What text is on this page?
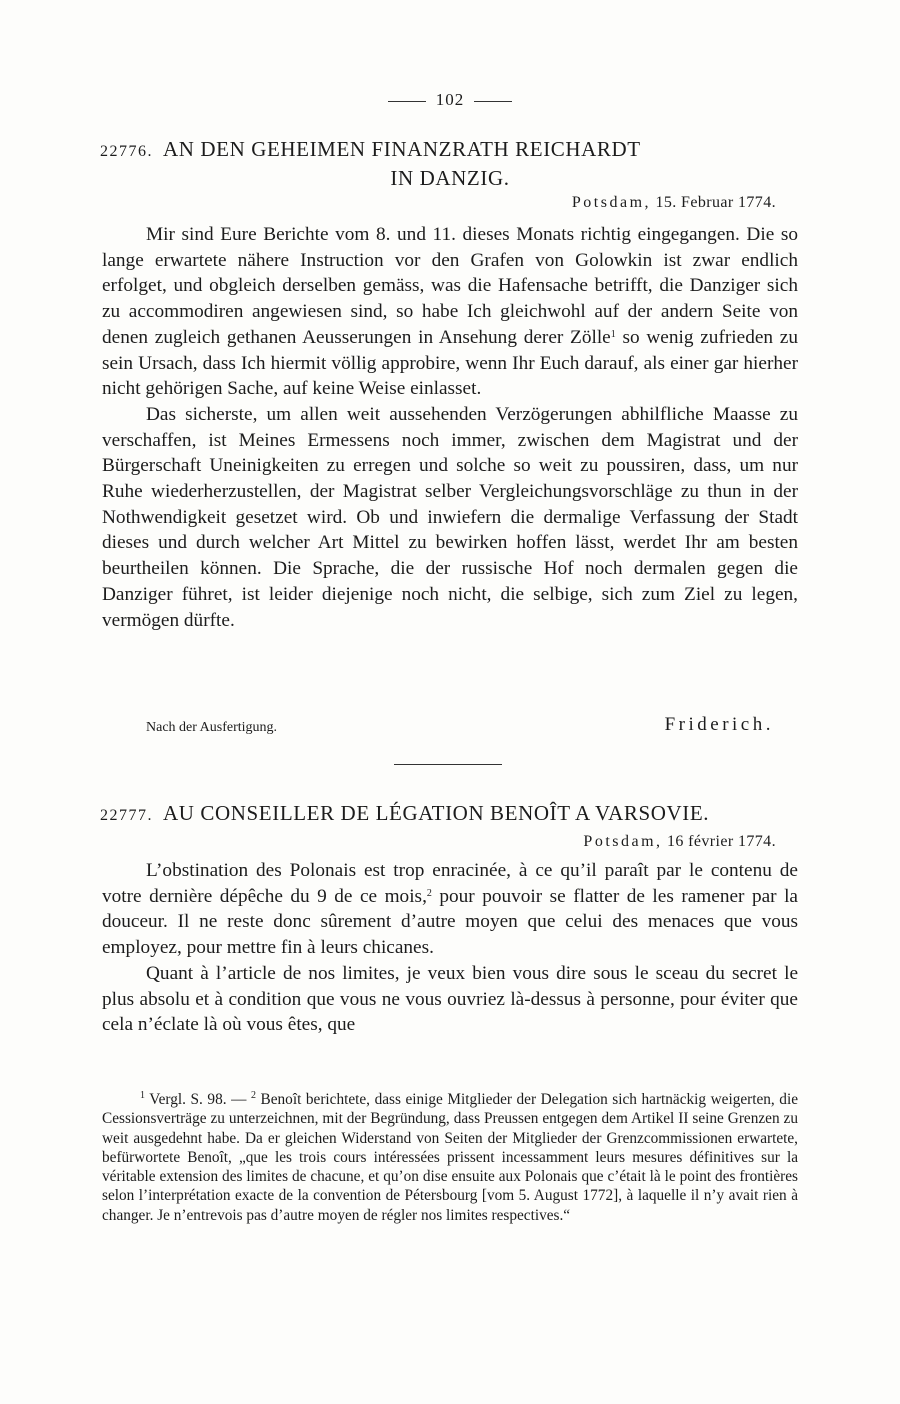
102
22776. AN DEN GEHEIMEN FINANZRATH REICHARDT
IN DANZIG.
Potsdam, 15. Februar 1774.

Mir sind Eure Berichte vom 8. und 11. dieses Monats richtig eingegangen. Die so lange erwartete nähere Instruction vor den Grafen von Golowkin ist zwar endlich erfolget, und obgleich derselben gemäss, was die Hafensache betrifft, die Danziger sich zu accommodiren angewiesen sind, so habe Ich gleichwohl auf der andern Seite von denen zugleich gethanen Aeusserungen in Ansehung derer Zölle$^1$ so wenig zufrieden zu sein Ursach, dass Ich hiermit völlig approbire, wenn Ihr Euch darauf, als einer gar hierher nicht gehörigen Sache, auf keine Weise einlasset.

Das sicherste, um allen weit aussehenden Verzögerungen abhilfliche Maasse zu verschaffen, ist Meines Ermessens noch immer, zwischen dem Magistrat und der Bürgerschaft Uneinigkeiten zu erregen und solche so weit zu poussiren, dass, um nur Ruhe wiederherzustellen, der Magistrat selber Vergleichungsvorschläge zu thun in der Nothwendigkeit gesetzet wird. Ob und inwiefern die dermalige Verfassung der Stadt dieses und durch welcher Art Mittel zu bewirken hoffen lässt, werdet Ihr am besten beurtheilen können. Die Sprache, die der russische Hof noch dermalen gegen die Danziger führet, ist leider diejenige noch nicht, die selbige, sich zum Ziel zu legen, vermögen dürfte.

Nach der Ausfertigung.	Friderich.
22777. AU CONSEILLER DE LÉGATION BENOÎT A VARSOVIE.
Potsdam, 16 février 1774.

L’obstination des Polonais est trop enracinée, à ce qu’il paraît par le contenu de votre dernière dépêche du 9 de ce mois,$^2$ pour pouvoir se flatter de les ramener par la douceur. Il ne reste donc sûrement d’autre moyen que celui des menaces que vous employez, pour mettre fin à leurs chicanes.

Quant à l’article de nos limites, je veux bien vous dire sous le sceau du secret le plus absolu et à condition que vous ne vous ouvriez là-dessus à personne, pour éviter que cela n’éclate là où vous êtes, que

$^1$ Vergl. S. 98. — $^2$ Benoît berichtete, dass einige Mitglieder der Delegation sich hartnäckig weigerten, die Cessionsverträge zu unterzeichnen, mit der Begründung, dass Preussen entgegen dem Artikel II seine Grenzen zu weit ausgedehnt habe. Da er gleichen Widerstand von Seiten der Mitglieder der Grenzcommissionen erwartete, befürwortete Benoît, „que les trois cours intéressées prissent incessamment leurs mesures définitives sur la véritable extension des limites de chacune, et qu’on dise ensuite aux Polonais que c’était là le point des frontières selon l’interprétation exacte de la convention de Pétersbourg [vom 5. August 1772], à laquelle il n’y avait rien à changer. Je n’entrevois pas d’autre moyen de régler nos limites respectives.“
